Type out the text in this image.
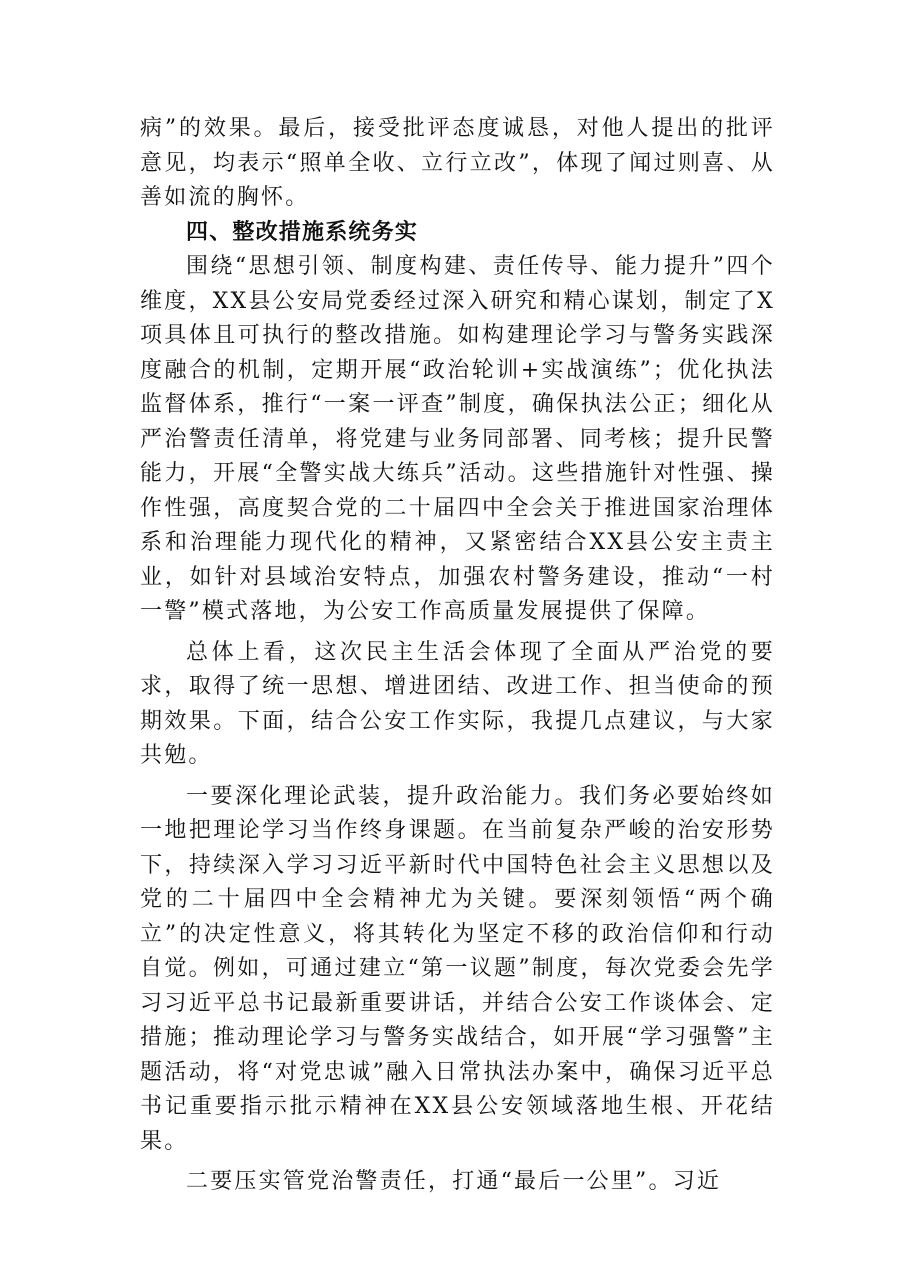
病”的效果。最后，接受批评态度诚恳，对他人提出的批评意见，均表示“照单全收、立行立改”，体现了闻过则喜、从善如流的胸怀。

四、整改措施系统务实

围绕“思想引领、制度构建、责任传导、能力提升”四个维度，XX县公安局党委经过深入研究和精心谋划，制定了X项具体且可执行的整改措施。如构建理论学习与警务实践深度融合的机制，定期开展“政治轮训+实战演练”；优化执法监督体系，推行“一案一评查”制度，确保执法公正；细化从严治警责任清单，将党建与业务同部署、同考核；提升民警能力，开展“全警实战大练兵”活动。这些措施针对性强、操作性强，高度契合党的二十届四中全会关于推进国家治理体系和治理能力现代化的精神，又紧密结合XX县公安主责主业，如针对县域治安特点，加强农村警务建设，推动“一村一警”模式落地，为公安工作高质量发展提供了保障。

总体上看，这次民主生活会体现了全面从严治党的要求，取得了统一思想、增进团结、改进工作、担当使命的预期效果。下面，结合公安工作实际，我提几点建议，与大家共勉。

一要深化理论武装，提升政治能力。我们务必要始终如一地把理论学习当作终身课题。在当前复杂严峻的治安形势下，持续深入学习习近平新时代中国特色社会主义思想以及党的二十届四中全会精神尤为关键。要深刻领悟“两个确立”的决定性意义，将其转化为坚定不移的政治信仰和行动自觉。例如，可通过建立“第一议题”制度，每次党委会先学习习近平总书记最新重要讲话，并结合公安工作谈体会、定措施；推动理论学习与警务实战结合，如开展“学习强警”主题活动，将“对党忠诚”融入日常执法办案中，确保习近平总书记重要指示批示精神在XX县公安领域落地生根、开花结果。

二要压实管党治警责任，打通“最后一公里”。习近
